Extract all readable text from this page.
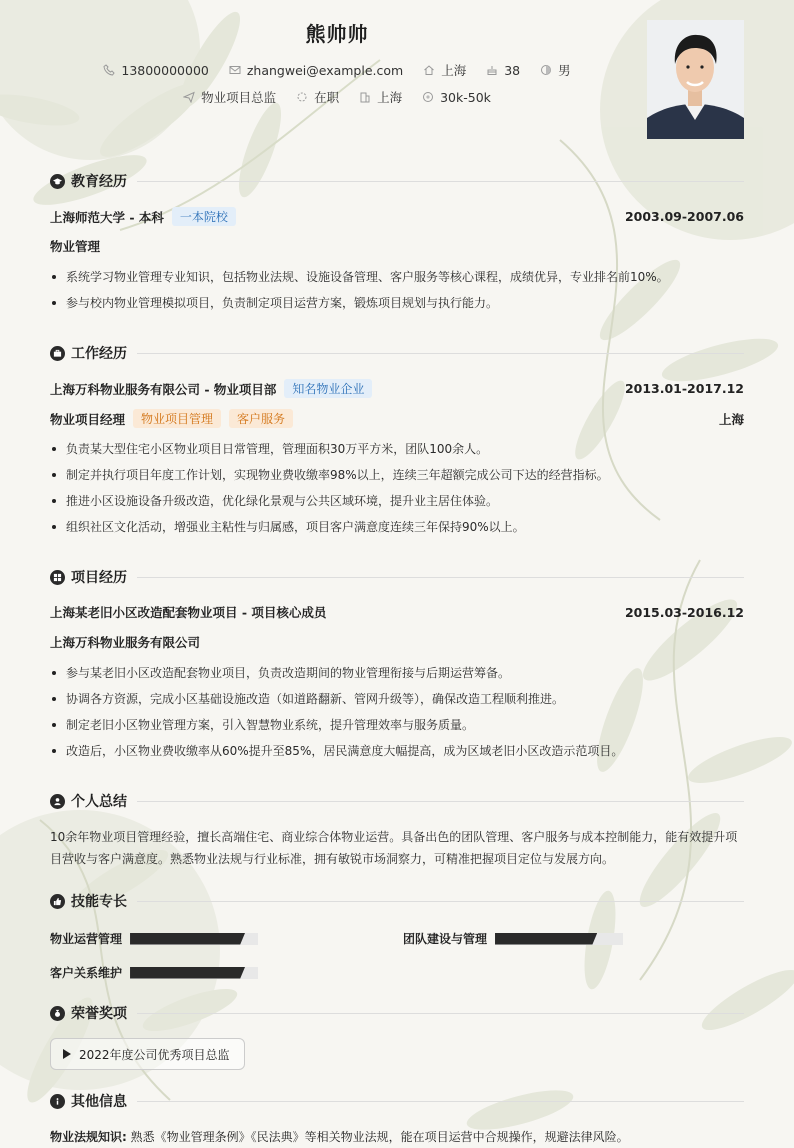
熊帅帅
13800000000
	zhangwei@example.com
	上海
	38
	男
物业项目总监
	在职
	上海
	30k-50k
教育经历
上海师范大学 - 本科	一本院校	2003.09-2007.06
物业管理
系统学习物业管理专业知识，包括物业法规、设施设备管理、客户服务等核心课程，成绩优异，专业排名前10%。
参与校内物业管理模拟项目，负责制定项目运营方案，锻炼项目规划与执行能力。
工作经历
上海万科物业服务有限公司 - 物业项目部	知名物业企业	2013.01-2017.12
物业项目经理	物业项目管理	客户服务	上海
负责某大型住宅小区物业项目日常管理，管理面积30万平方米，团队100余人。
制定并执行项目年度工作计划，实现物业费收缴率98%以上，连续三年超额完成公司下达的经营指标。
推进小区设施设备升级改造，优化绿化景观与公共区域环境，提升业主居住体验。
组织社区文化活动，增强业主粘性与归属感，项目客户满意度连续三年保持90%以上。
项目经历
上海某老旧小区改造配套物业项目 - 项目核心成员	2015.03-2016.12
上海万科物业服务有限公司
参与某老旧小区改造配套物业项目，负责改造期间的物业管理衔接与后期运营筹备。
协调各方资源，完成小区基础设施改造（如道路翻新、管网升级等），确保改造工程顺利推进。
制定老旧小区物业管理方案，引入智慧物业系统，提升管理效率与服务质量。
改造后，小区物业费收缴率从60%提升至85%，居民满意度大幅提高，成为区域老旧小区改造示范项目。
个人总结
10余年物业项目管理经验，擅长高端住宅、商业综合体物业运营。具备出色的团队管理、客户服务与成本控制能力，能有效提升项目营收与客户满意度。熟悉物业法规与行业标准，拥有敏锐市场洞察力，可精准把握项目定位与发展方向。
技能专长
物业运营管理	团队建设与管理
客户关系维护
荣誉奖项
2022年度公司优秀项目总监
其他信息
物业法规知识: 熟悉《物业管理条例》《民法典》等相关物业法规，能在项目运营中合规操作，规避法律风险。
